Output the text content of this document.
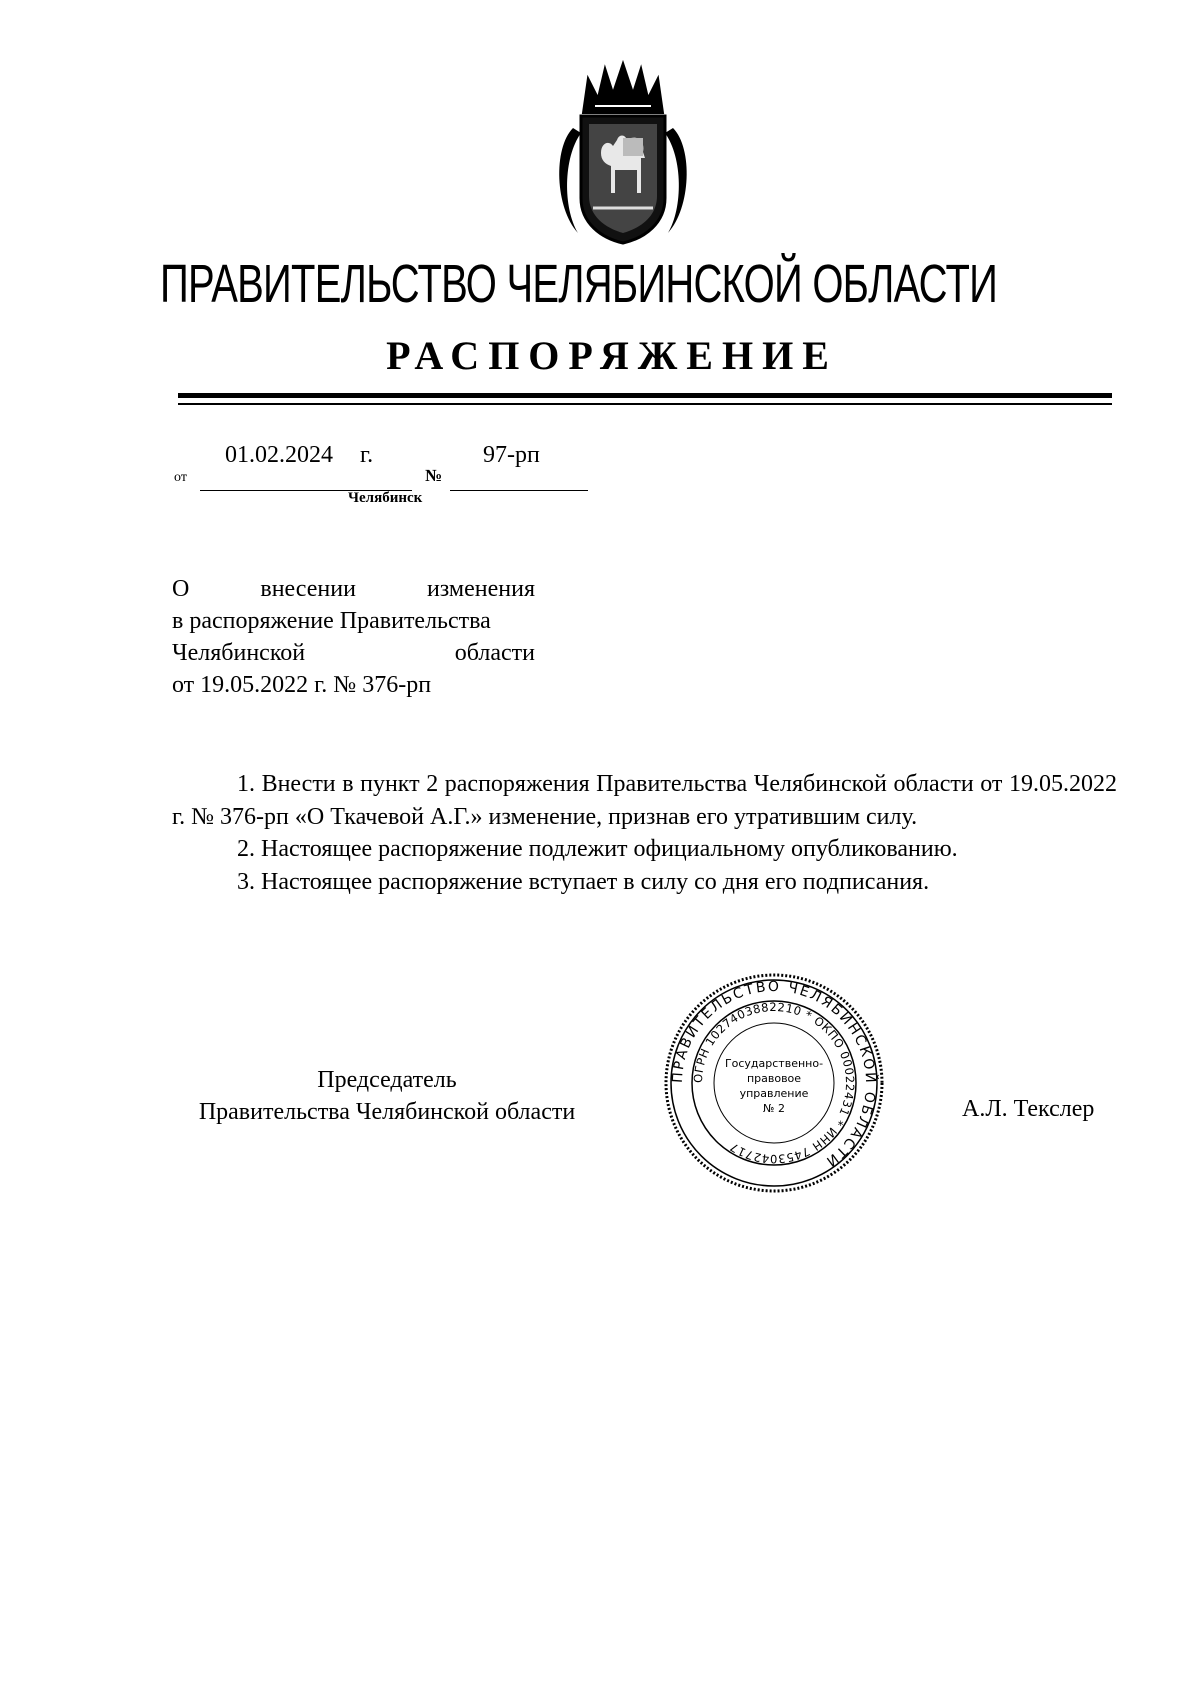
ПРАВИТЕЛЬСТВО ЧЕЛЯБИНСКОЙ ОБЛАСТИ
РАСПОРЯЖЕНИЕ
от
01.02.2024 г.
№
97-рп
Челябинск
О	внесении	изменения
в распоряжение Правительства
Челябинской	области
от 19.05.2022 г. № 376-рп

1. Внести в пункт 2 распоряжения Правительства Челябинской области от 19.05.2022 г. № 376-рп «О Ткачевой А.Г.» изменение, признав его утратившим силу.

2. Настоящее распоряжение подлежит официальному опубликованию.

3. Настоящее распоряжение вступает в силу со дня его подписания.

Председатель
Правительства Челябинской области	А.Л. Текслер
ПРАВИТЕЛЬСТВО ЧЕЛЯБИНСКОЙ ОБЛАСТИ
ОГРН 1027403882210 * ОКПО 00022431 * ИНН 7453042717
Государственно-
правовое
управление
№ 2
